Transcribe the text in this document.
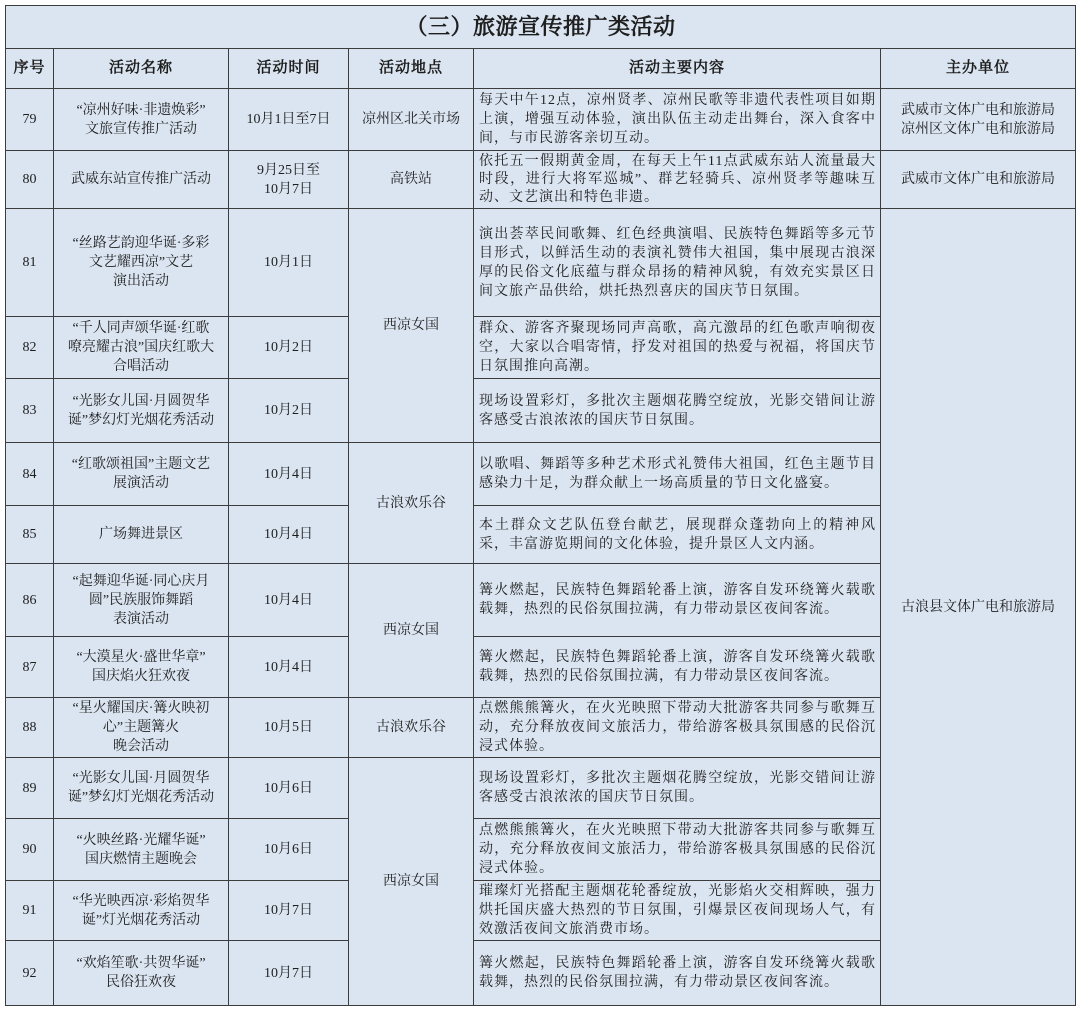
（三）旅游宣传推广类活动					
序号	活动名称	活动时间	活动地点	活动主要内容	主办单位
79	“凉州好味·非遗焕彩”
文旅宣传推广活动	10月1日至7日	凉州区北关市场	每天中午12点，凉州贤孝、凉州民歌等非遗代表性项目如期上演，增强互动体验，演出队伍主动走出舞台，深入食客中间，与市民游客亲切互动。	武威市文体广电和旅游局
凉州区文体广电和旅游局

80	武威东站宣传推广活动	9月25日至
10月7日	高铁站	依托五一假期黄金周，在每天上午11点武威东站人流量最大时段，进行大将军巡城”、群艺轻骑兵、凉州贤孝等趣味互动、文艺演出和特色非遗。	武威市文体广电和旅游局

81	“丝路艺韵迎华诞·多彩
文艺耀西凉”文艺
演出活动	10月1日	西凉女国	演出荟萃民间歌舞、红色经典演唱、民族特色舞蹈等多元节目形式，以鲜活生动的表演礼赞伟大祖国，集中展现古浪深厚的民俗文化底蕴与群众昂扬的精神风貌，有效充实景区日间文旅产品供给，烘托热烈喜庆的国庆节日氛围。	古浪县文体广电和旅游局

82	“千人同声颂华诞·红歌
嘹亮耀古浪”国庆红歌大
合唱活动	10月2日		群众、游客齐聚现场同声高歌，高亢激昂的红色歌声响彻夜空，大家以合唱寄情，抒发对祖国的热爱与祝福，将国庆节日氛围推向高潮。	
83	“光影女儿国·月圆贺华
诞”梦幻灯光烟花秀活动	10月2日		现场设置彩灯，多批次主题烟花腾空绽放，光影交错间让游客感受古浪浓浓的国庆节日氛围。	
84	“红歌颂祖国”主题文艺
展演活动	10月4日	古浪欢乐谷	以歌唱、舞蹈等多种艺术形式礼赞伟大祖国，红色主题节目感染力十足，为群众献上一场高质量的节日文化盛宴。	
85	广场舞进景区	10月4日		本土群众文艺队伍登台献艺，展现群众蓬勃向上的精神风采，丰富游览期间的文化体验，提升景区人文内涵。	
86	“起舞迎华诞·同心庆月
圆”民族服饰舞蹈
表演活动	10月4日	西凉女国	篝火燃起，民族特色舞蹈轮番上演，游客自发环绕篝火载歌载舞，热烈的民俗氛围拉满，有力带动景区夜间客流。	
87	“大漠星火·盛世华章”
国庆焰火狂欢夜	10月4日		篝火燃起，民族特色舞蹈轮番上演，游客自发环绕篝火载歌载舞，热烈的民俗氛围拉满，有力带动景区夜间客流。	
88	“星火耀国庆·篝火映初
心”主题篝火
晚会活动	10月5日	古浪欢乐谷	点燃熊熊篝火，在火光映照下带动大批游客共同参与歌舞互动，充分释放夜间文旅活力，带给游客极具氛围感的民俗沉浸式体验。	
89	“光影女儿国·月圆贺华
诞”梦幻灯光烟花秀活动	10月6日	西凉女国	现场设置彩灯，多批次主题烟花腾空绽放，光影交错间让游客感受古浪浓浓的国庆节日氛围。	
90	“火映丝路·光耀华诞”
国庆燃情主题晚会	10月6日		点燃熊熊篝火，在火光映照下带动大批游客共同参与歌舞互动，充分释放夜间文旅活力，带给游客极具氛围感的民俗沉浸式体验。	
91	“华光映西凉·彩焰贺华
诞”灯光烟花秀活动	10月7日		璀璨灯光搭配主题烟花轮番绽放，光影焰火交相辉映，强力烘托国庆盛大热烈的节日氛围，引爆景区夜间现场人气，有效激活夜间文旅消费市场。	
92	“欢焰笙歌·共贺华诞”
民俗狂欢夜	10月7日		篝火燃起，民族特色舞蹈轮番上演，游客自发环绕篝火载歌载舞，热烈的民俗氛围拉满，有力带动景区夜间客流。	
